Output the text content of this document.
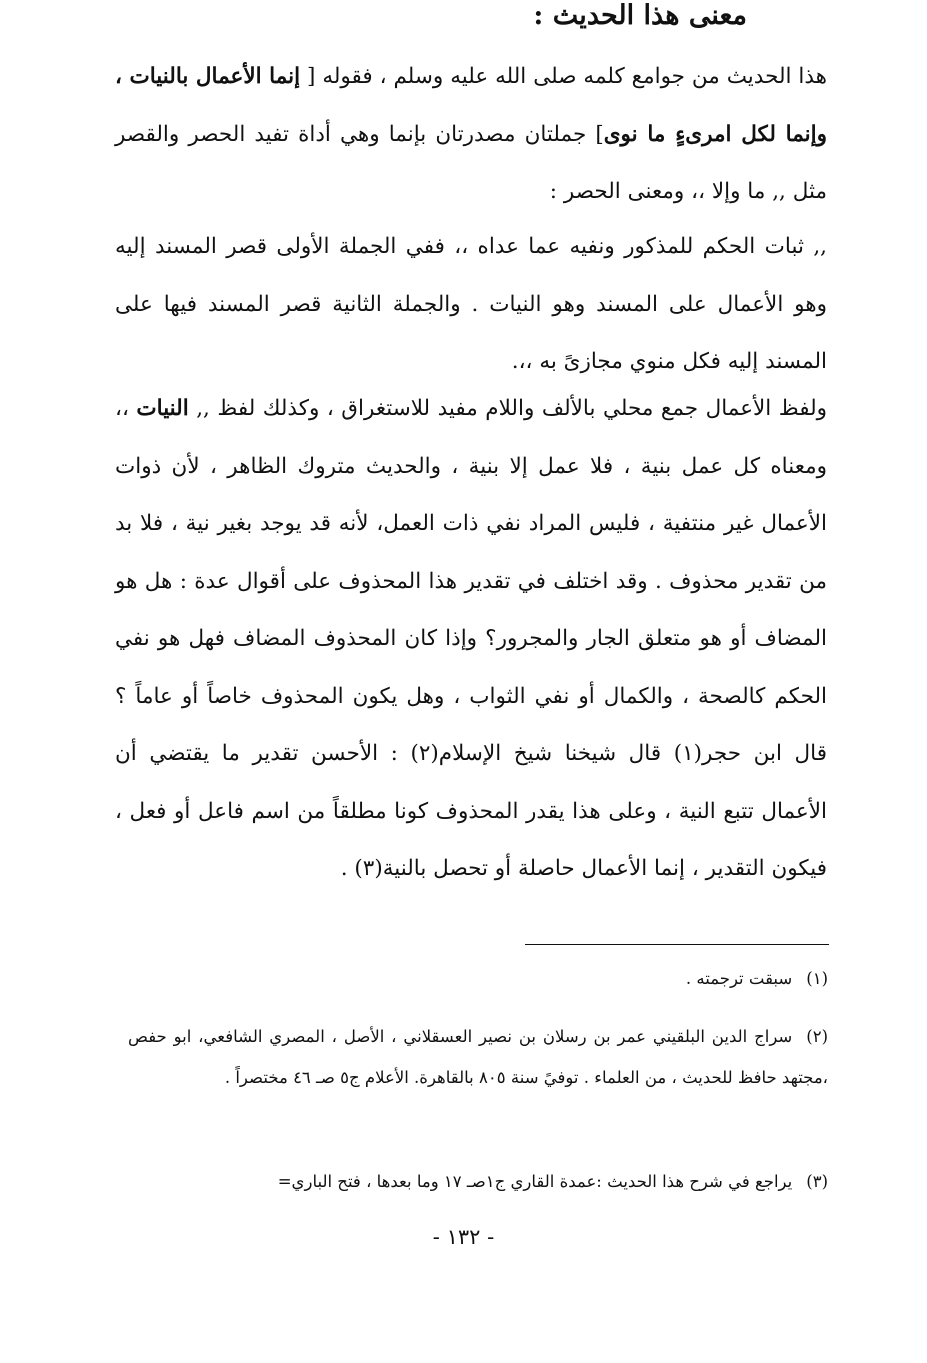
معنى هذا الحديث :

هذا الحديث من جوامع كلمه صلى الله عليه وسلم ، فقوله [ إنما الأعمال بالنيات ، وإنما لكل امرىءٍ ما نوى] جملتان مصدرتان بإنما وهي أداة تفيد الحصر والقصر مثل ,, ما وإلا ،، ومعنى الحصر :

,, ثبات الحكم للمذكور ونفيه عما عداه ،، ففي الجملة الأولى قصر المسند إليه وهو الأعمال على المسند وهو النيات . والجملة الثانية قصر المسند فيها على المسند إليه فكل منوي مجازىً به ،،.

ولفظ الأعمال جمع محلي بالألف واللام مفيد للاستغراق ، وكذلك لفظ ,, النيات ،، ومعناه كل عمل بنية ، فلا عمل إلا بنية ، والحديث متروك الظاهر ، لأن ذوات الأعمال غير منتفية ، فليس المراد نفي ذات العمل، لأنه قد يوجد بغير نية ، فلا بد من تقدير محذوف . وقد اختلف في تقدير هذا المحذوف على أقوال عدة : هل هو المضاف أو هو متعلق الجار والمجرور؟ وإذا كان المحذوف المضاف فهل هو نفي الحكم كالصحة ، والكمال أو نفي الثواب ، وهل يكون المحذوف خاصاً أو عاماً ؟ قال ابن حجر(١) قال شيخنا شيخ الإسلام(٢) : الأحسن تقدير ما يقتضي أن الأعمال تتبع النية ، وعلى هذا يقدر المحذوف كونا مطلقاً من اسم فاعل أو فعل ، فيكون التقدير ، إنما الأعمال حاصلة أو تحصل بالنية(٣) .

(١)سبقت ترجمته .

(٢)سراج الدين البلقيني عمر بن رسلان بن نصير العسقلاني ، الأصل ، المصري الشافعي، ابو حفص ،مجتهد حافظ للحديث ، من العلماء . توفيً سنة ٨٠٥ بالقاهرة. الأعلام ج٥ صـ ٤٦ مختصراً .

(٣)يراجع في شرح هذا الحديث :عمدة القاري ج١صـ ١٧ وما بعدها ، فتح الباري=

- ١٣٢ -
